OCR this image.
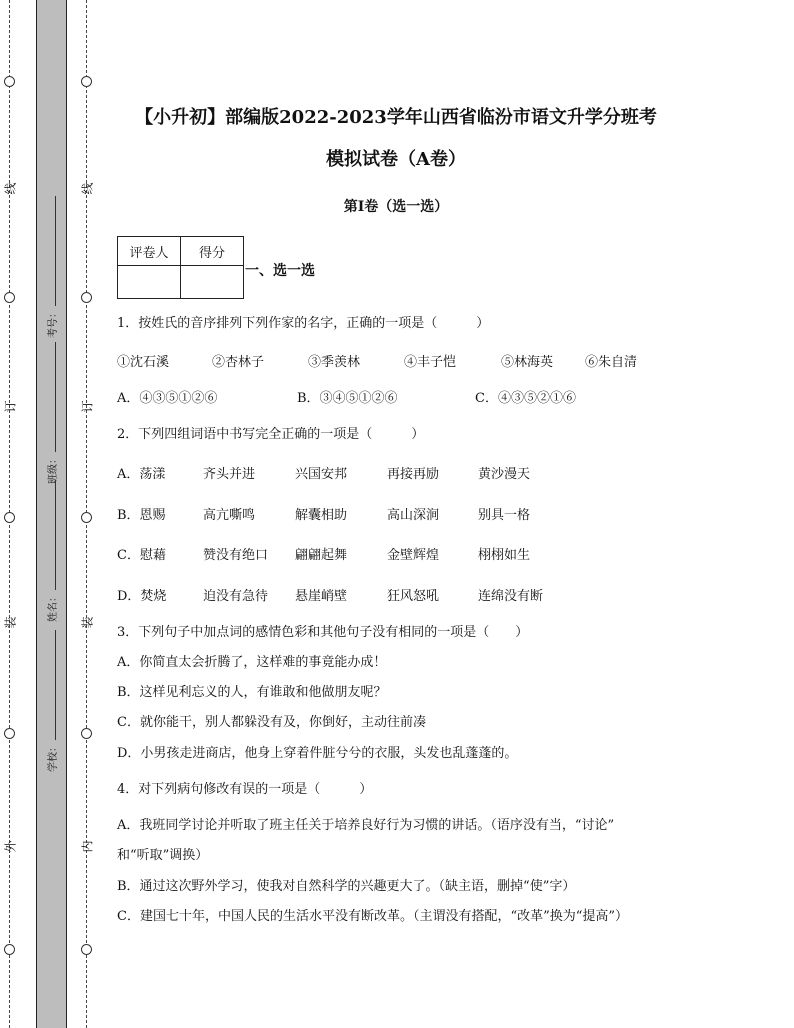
线
订
装
外
线
订
装
内
考号：
班级：
姓名：
学校：
【小升初】部编版2022-2023学年山西省临汾市语文升学分班考
模拟试卷（A卷）
第I卷（选一选）
评卷人	得分

一、选一选
1．按姓氏的音序排列下列作家的名字，正确的一项是（　　　）
①沈石溪	②杏林子	③季羡林	④丰子恺	⑤林海英 ⑥朱自清
A．④③⑤①②⑥	B．③④⑤①②⑥	C．④③⑤②①⑥
2．下列四组词语中书写完全正确的一项是（　　　）
A．荡漾	齐头并进	兴国安邦	再接再励	黄沙漫天
B．恩赐	高亢嘶鸣	解囊相助	高山深涧	别具一格
C．慰藉	赞没有绝口 翩翩起舞	金壁辉煌	栩栩如生
D．焚烧	迫没有急待 悬崖峭壁	狂风怒吼	连绵没有断
3．下列句子中加点词的感情色彩和其他句子没有相同的一项是（　　）
A．你简直太会折腾了，这样难的事竟能办成！
B．这样见利忘义的人，有谁敢和他做朋友呢？
C．就你能干，别人都躲没有及，你倒好，主动往前凑
D．小男孩走进商店，他身上穿着件脏兮兮的衣服，头发也乱蓬蓬的。
4．对下列病句修改有误的一项是（　　　）
A．我班同学讨论并听取了班主任关于培养良好行为习惯的讲话。（语序没有当，“讨论”
和“听取”调换）
B．通过这次野外学习，使我对自然科学的兴趣更大了。（缺主语，删掉“使”字）
C．建国七十年，中国人民的生活水平没有断改革。（主谓没有搭配，“改革”换为“提高”）
